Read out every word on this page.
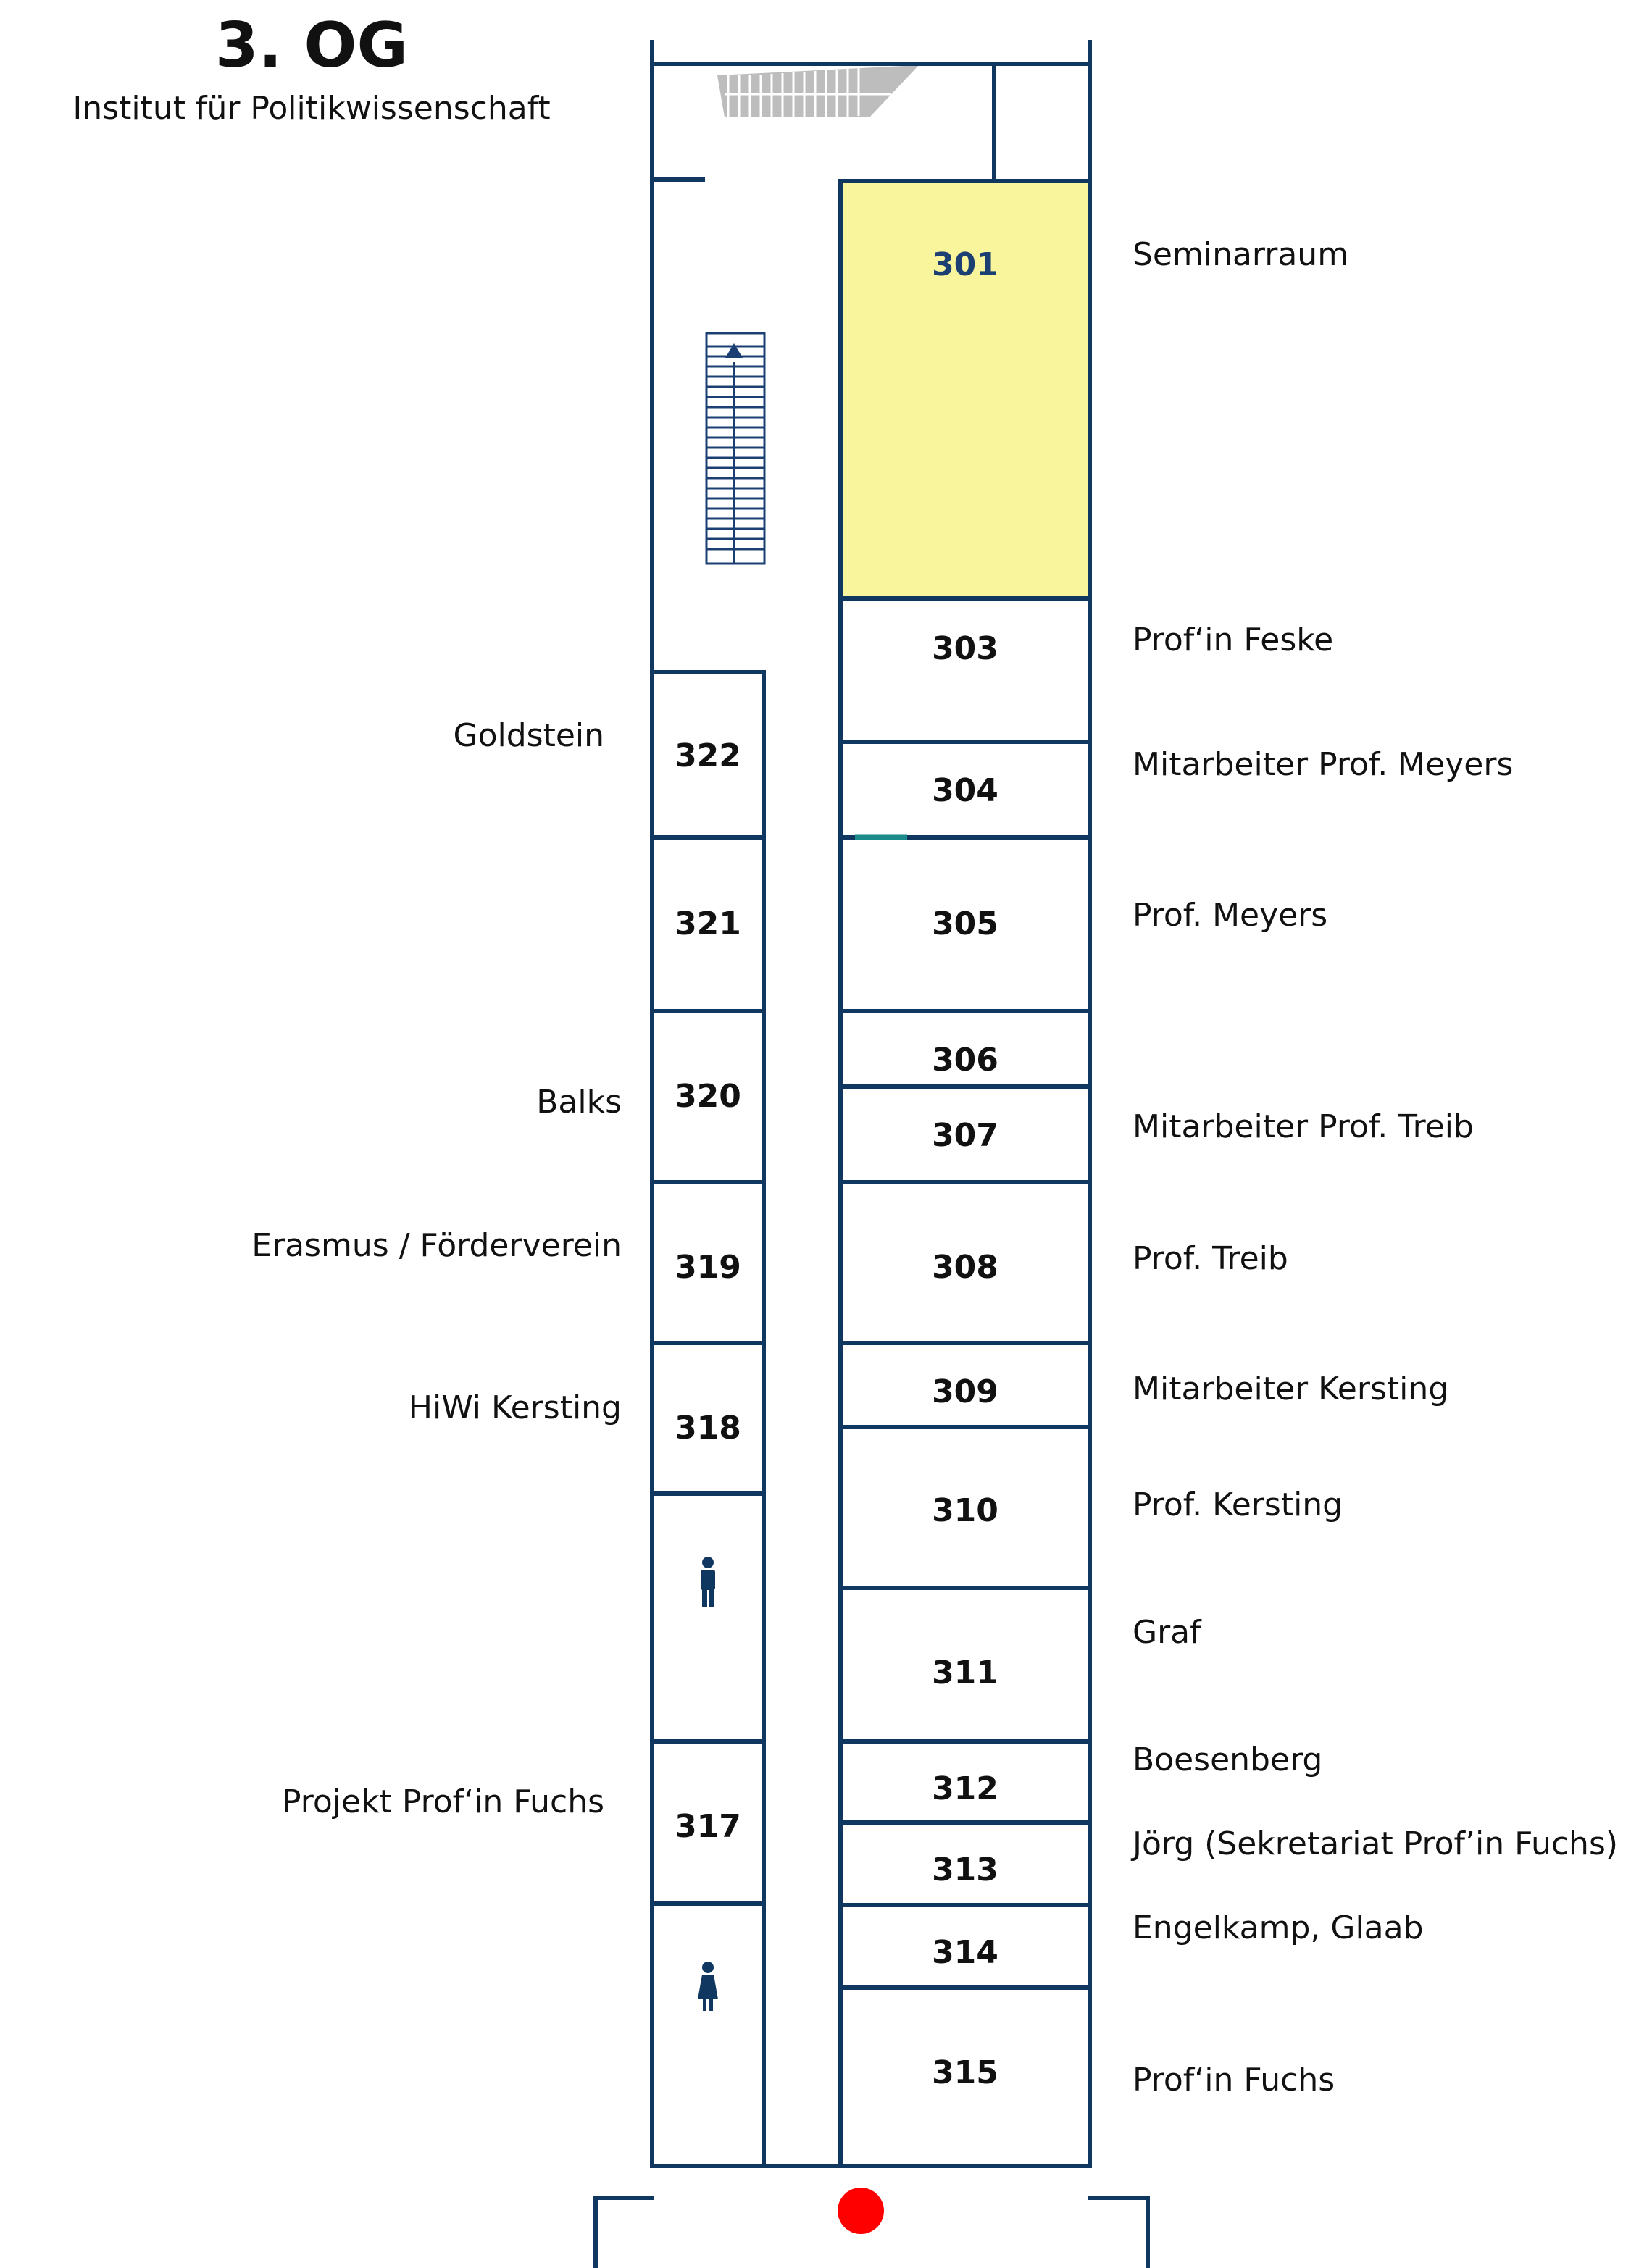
3. OG

Institut für Politikwissenschaft

301
303
304
305
306
307
308
309
310
311
312
313
314
315
322
321
320
319
318
317
Seminarraum
Prof‘in Feske
Mitarbeiter Prof. Meyers
Prof. Meyers
Mitarbeiter Prof. Treib
Prof. Treib
Mitarbeiter Kersting
Prof. Kersting
Graf
Boesenberg
Jörg (Sekretariat Prof’in Fuchs)
Engelkamp, Glaab
Prof‘in Fuchs
Goldstein
Balks
Erasmus / Förderverein
HiWi Kersting
Projekt Prof‘in Fuchs
